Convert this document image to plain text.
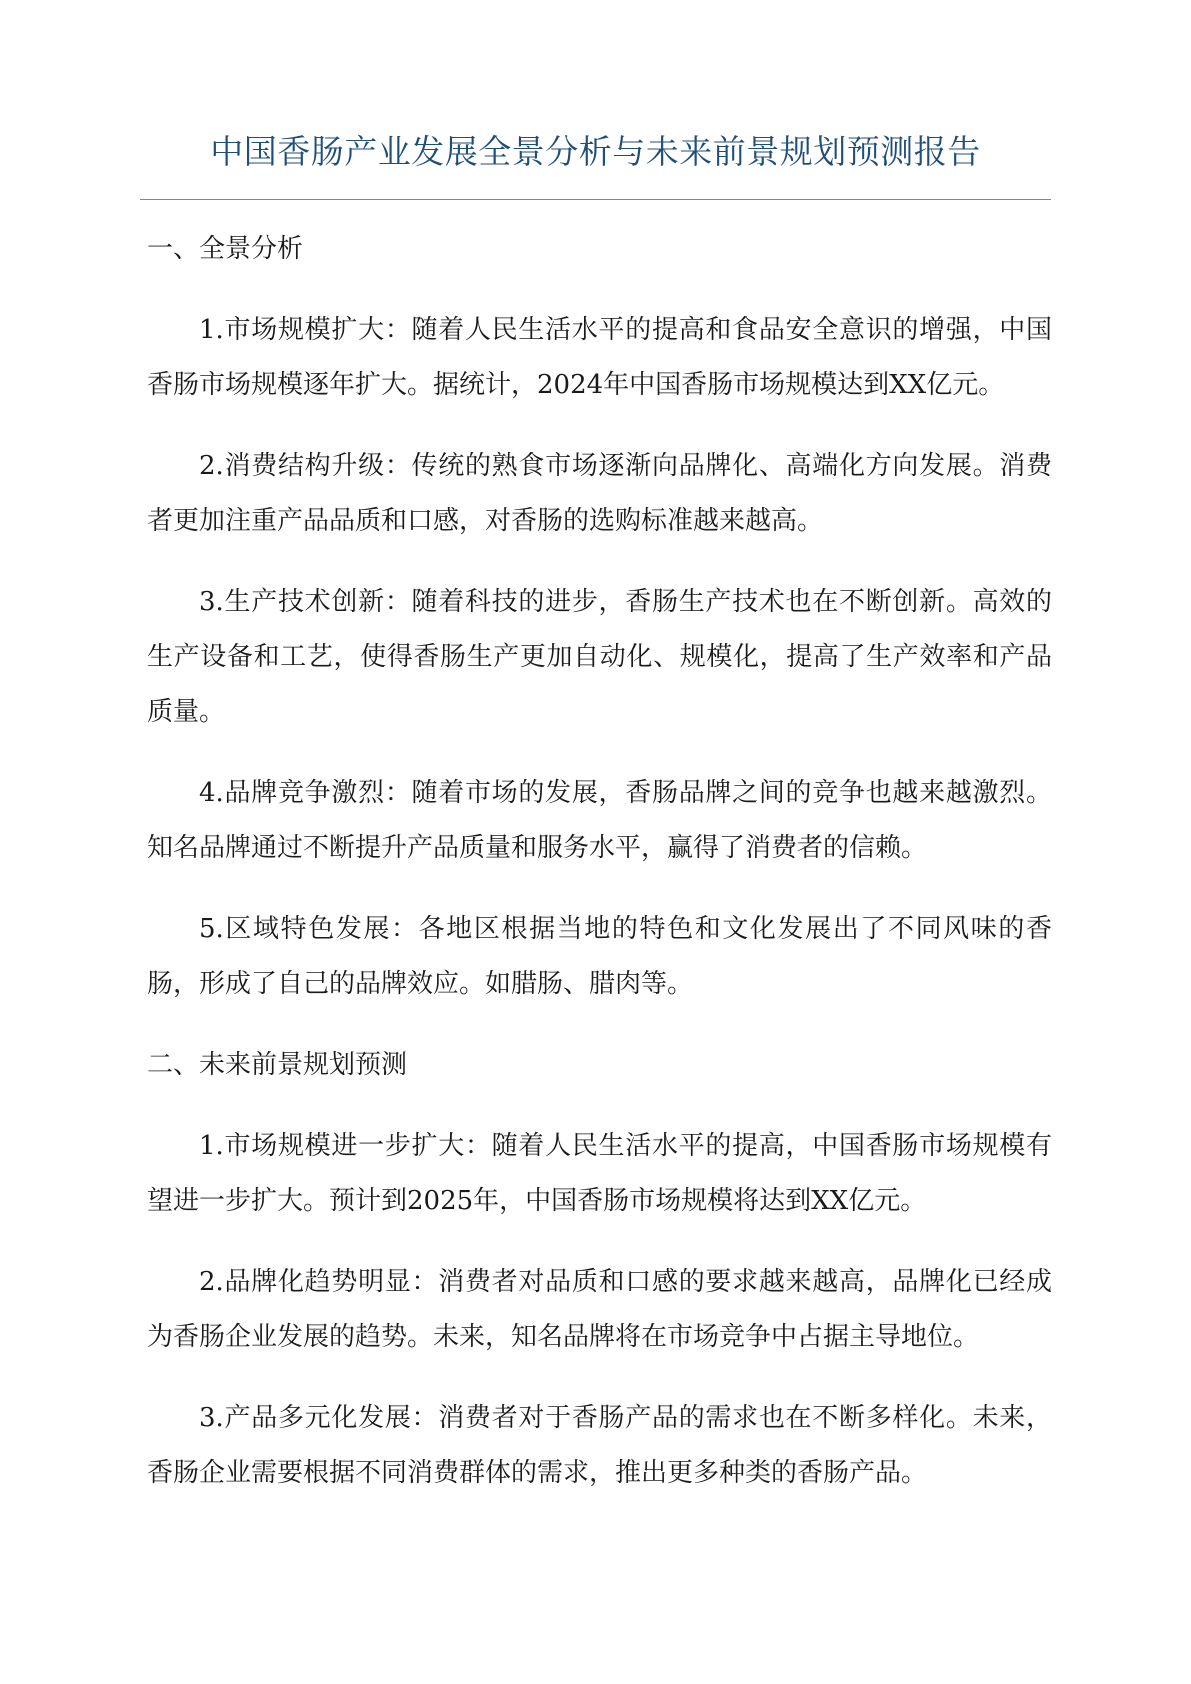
中国香肠产业发展全景分析与未来前景规划预测报告
一、全景分析

1.市场规模扩大：随着人民生活水平的提高和食品安全意识的增强，中国香肠市场规模逐年扩大。据统计，2024年中国香肠市场规模达到XX亿元。

2.消费结构升级：传统的熟食市场逐渐向品牌化、高端化方向发展。消费者更加注重产品品质和口感，对香肠的选购标准越来越高。

3.生产技术创新：随着科技的进步，香肠生产技术也在不断创新。高效的生产设备和工艺，使得香肠生产更加自动化、规模化，提高了生产效率和产品质量。

4.品牌竞争激烈：随着市场的发展，香肠品牌之间的竞争也越来越激烈。知名品牌通过不断提升产品质量和服务水平，赢得了消费者的信赖。

5.区域特色发展：各地区根据当地的特色和文化发展出了不同风味的香肠，形成了自己的品牌效应。如腊肠、腊肉等。

二、未来前景规划预测

1.市场规模进一步扩大：随着人民生活水平的提高，中国香肠市场规模有望进一步扩大。预计到2025年，中国香肠市场规模将达到XX亿元。

2.品牌化趋势明显：消费者对品质和口感的要求越来越高，品牌化已经成为香肠企业发展的趋势。未来，知名品牌将在市场竞争中占据主导地位。

3.产品多元化发展：消费者对于香肠产品的需求也在不断多样化。未来，香肠企业需要根据不同消费群体的需求，推出更多种类的香肠产品。
